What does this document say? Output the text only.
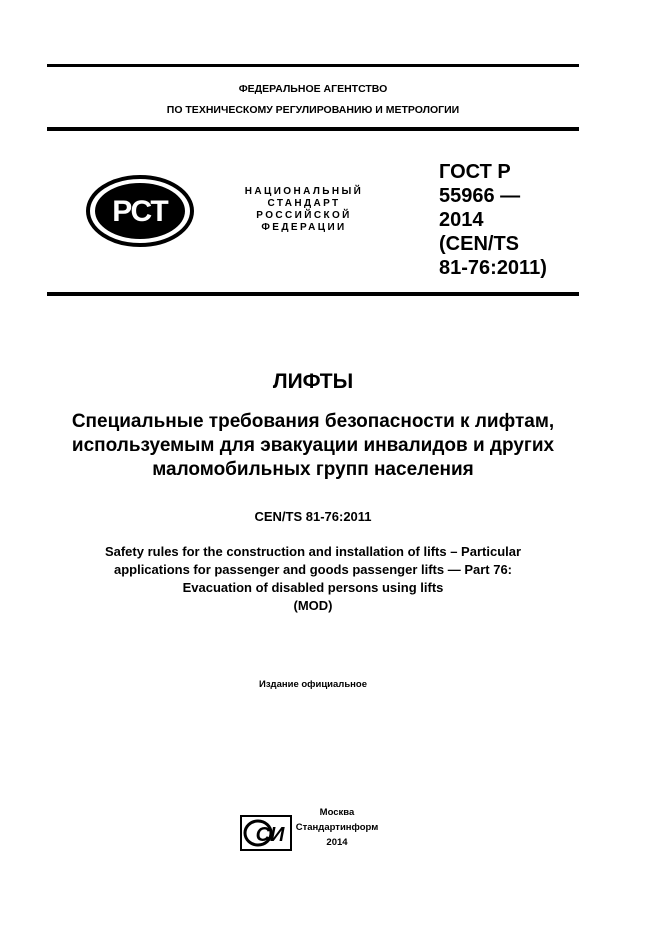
ФЕДЕРАЛЬНОЕ АГЕНТСТВО
ПО ТЕХНИЧЕСКОМУ РЕГУЛИРОВАНИЮ И МЕТРОЛОГИИ
РСТ
НАЦИОНАЛЬНЫЙ
СТАНДАРТ
РОССИЙСКОЙ
ФЕДЕРАЦИИ
ГОСТ Р
55966 —
2014
(CEN/TS
81-76:2011)
ЛИФТЫ
Специальные требования безопасности к лифтам,
используемым для эвакуации инвалидов и других
маломобильных групп населения
CEN/TS 81-76:2011
Safety rules for the construction and installation of lifts – Particular
applications for passenger and goods passenger lifts — Part 76:
Evacuation of disabled persons using lifts
(MOD)
Издание официальное
СИ
Москва
Стандартинформ
2014
